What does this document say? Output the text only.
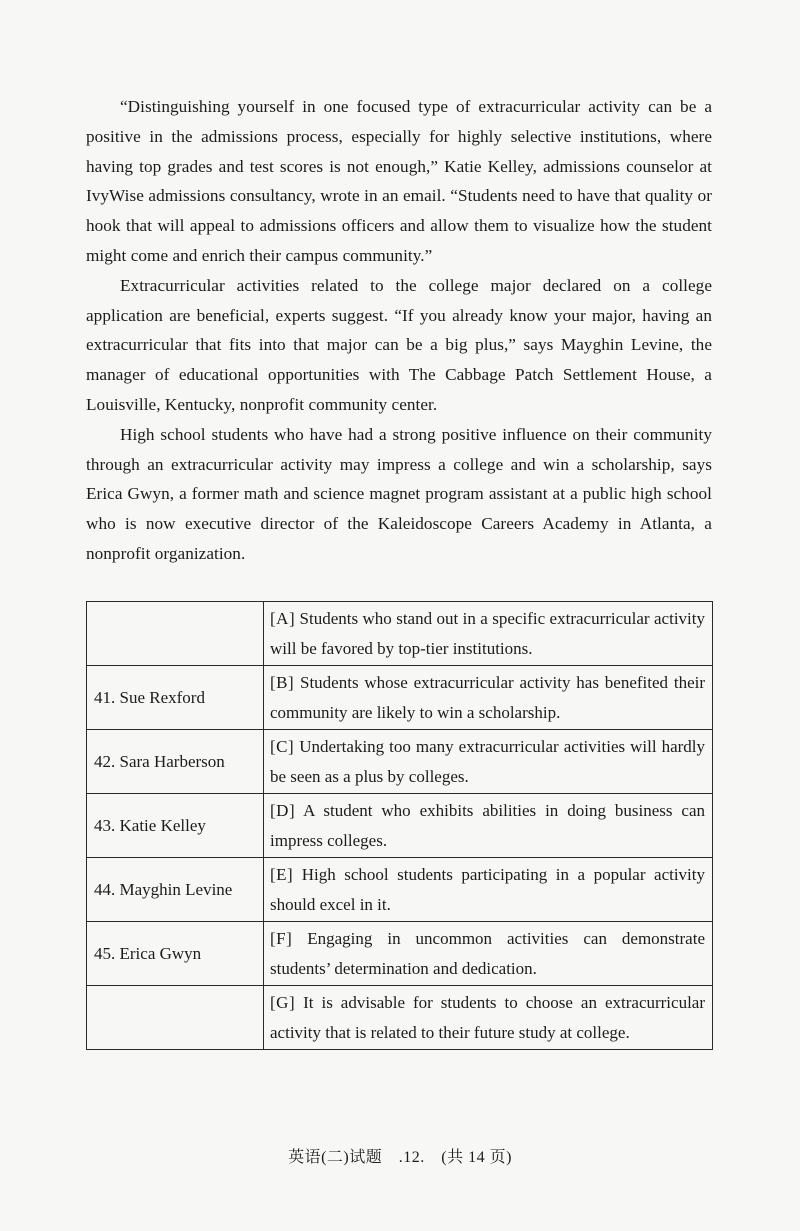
“Distinguishing yourself in one focused type of extracurricular activity can be a positive in the admissions process, especially for highly selective institutions, where having top grades and test scores is not enough,” Katie Kelley, admissions counselor at IvyWise admissions consultancy, wrote in an email. “Students need to have that quality or hook that will appeal to admissions officers and allow them to visualize how the student might come and enrich their campus community.”

Extracurricular activities related to the college major declared on a college application are beneficial, experts suggest. “If you already know your major, having an extracurricular that fits into that major can be a big plus,” says Mayghin Levine, the manager of educational opportunities with The Cabbage Patch Settlement House, a Louisville, Kentucky, nonprofit community center.

High school students who have had a strong positive influence on their community through an extracurricular activity may impress a college and win a scholarship, says Erica Gwyn, a former math and science magnet program assistant at a public high school who is now executive director of the Kaleidoscope Careers Academy in Atlanta, a nonprofit organization.

	[A] Students who stand out in a specific extracurricular activity will be favored by top-tier institutions.
41. Sue Rexford	[B] Students whose extracurricular activity has benefited their community are likely to win a scholarship.
42. Sara Harberson	[C] Undertaking too many extracurricular activities will hardly be seen as a plus by colleges.
43. Katie Kelley	[D] A student who exhibits abilities in doing business can impress colleges.
44. Mayghin Levine	[E] High school students participating in a popular activity should excel in it.
45. Erica Gwyn	[F] Engaging in uncommon activities can demonstrate students’ determination and dedication.
	[G] It is advisable for students to choose an extracurricular activity that is related to their future study at college.
英语(二)试题 .12. (共 14 页)
